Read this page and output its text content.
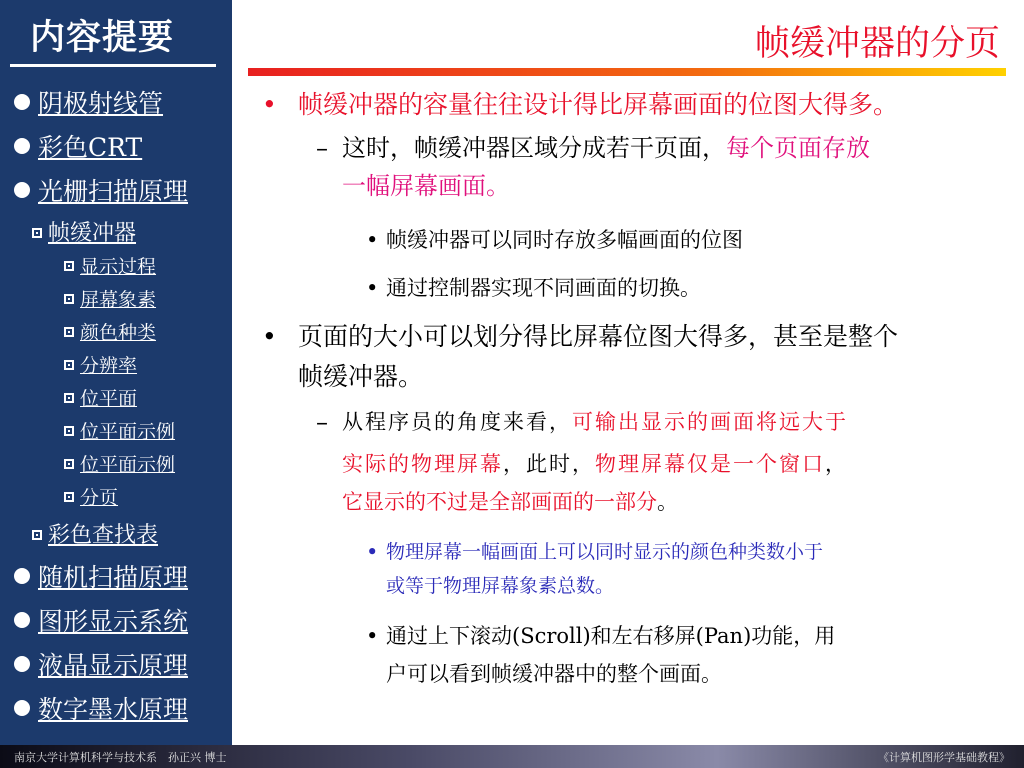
内容提要
阴极射线管
彩色CRT
光栅扫描原理
帧缓冲器
显示过程
屏幕象素
颜色种类
分辨率
位平面
位平面示例
位平面示例
分页
彩色查找表
随机扫描原理
图形显示系统
液晶显示原理
数字墨水原理
帧缓冲器的分页
• 帧缓冲器的容量往往设计得比屏幕画面的位图大得多。
– 这时，帧缓冲器区域分成若干页面，每个页面存放
一幅屏幕画面。
• 帧缓冲器可以同时存放多幅画面的位图
• 通过控制器实现不同画面的切换。
• 页面的大小可以划分得比屏幕位图大得多，甚至是整个
帧缓冲器。
– 从程序员的角度来看，可输出显示的画面将远大于
实际的物理屏幕，此时，物理屏幕仅是一个窗口，
它显示的不过是全部画面的一部分。
• 物理屏幕一幅画面上可以同时显示的颜色种类数小于
或等于物理屏幕象素总数。
• 通过上下滚动(Scroll)和左右移屏(Pan)功能，用
户可以看到帧缓冲器中的整个画面。
南京大学计算机科学与技术系　孙正兴 博士	《计算机图形学基础教程》
